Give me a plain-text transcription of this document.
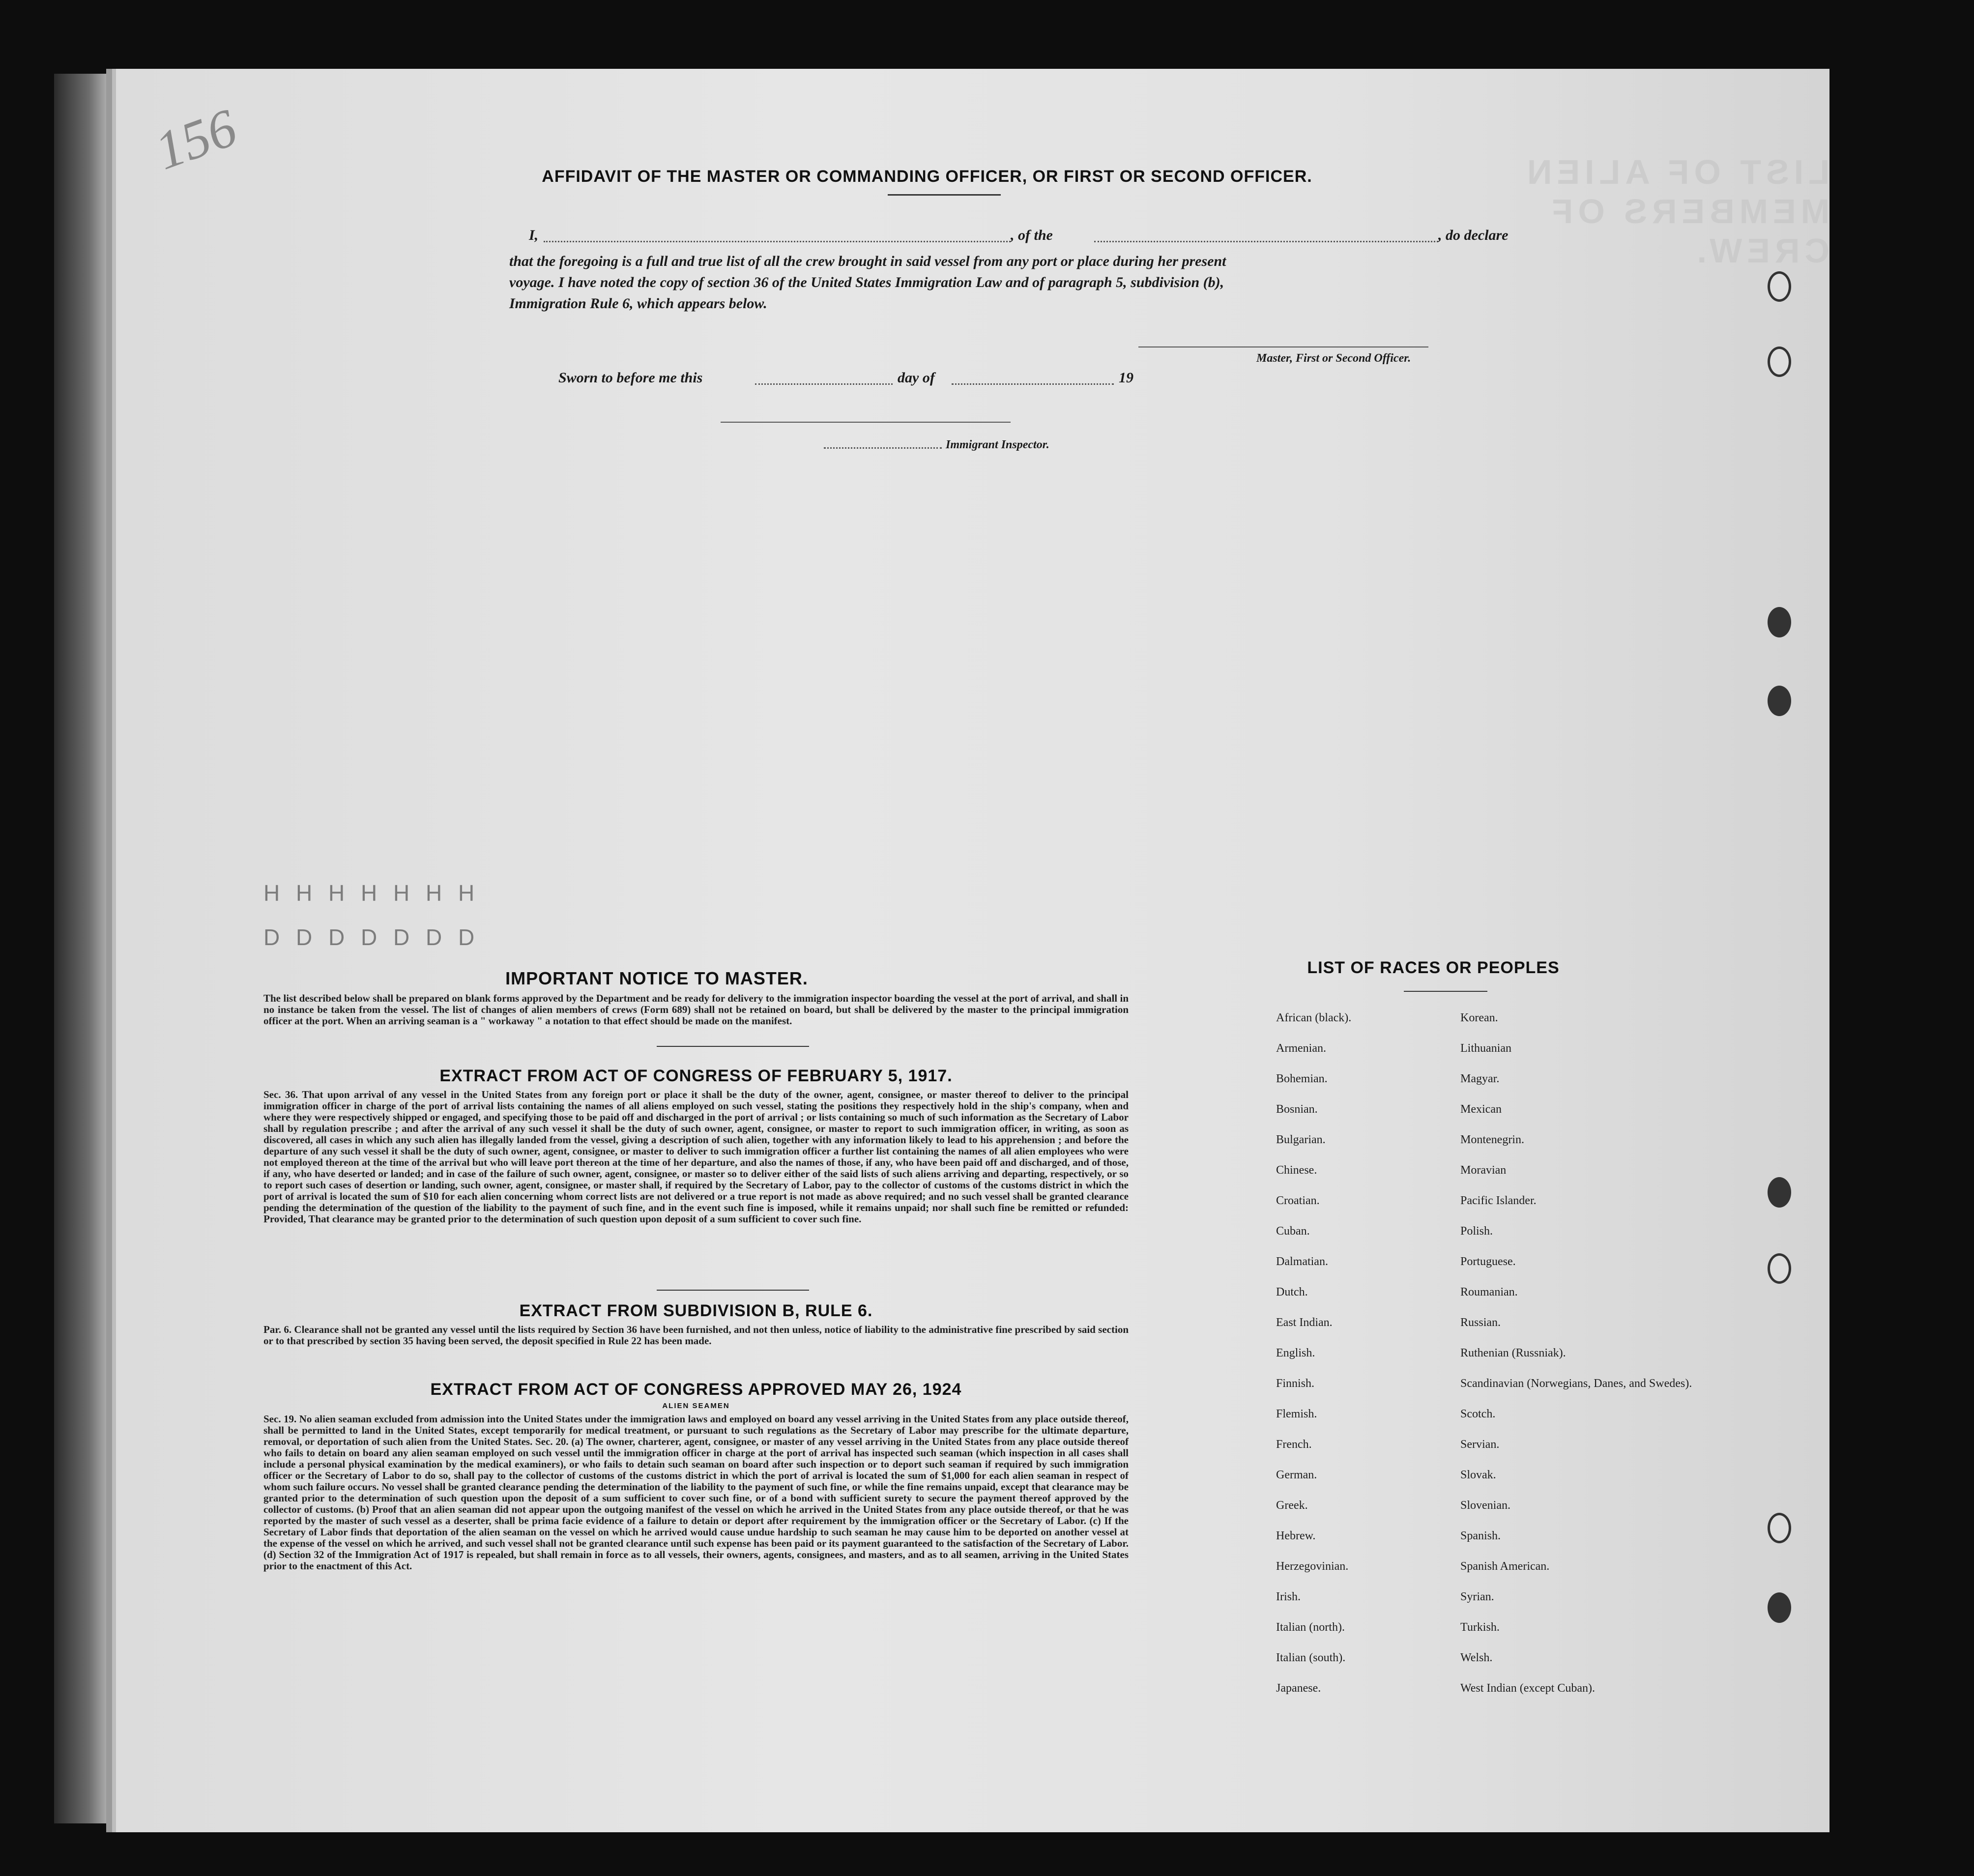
LIST OF ALIEN MEMBERS OF CREW.
156	AFFIDAVIT OF THE MASTER OR COMMANDING OFFICER, OR FIRST OR SECOND OFFICER.
I,	, of the	, do declare
that the foregoing is a full and true list of all the crew brought in said vessel from any port or place during her present
voyage. I have noted the copy of section 36 of the United States Immigration Law and of paragraph 5, subdivision (b),
Immigration Rule 6, which appears below.
Master, First or Second Officer.
Sworn to before me this	day of	19
Immigrant Inspector.
H H H H H H H
D D D D D D D
IMPORTANT NOTICE TO MASTER.
The list described below shall be prepared on blank forms approved by the Department and be ready for delivery to the immigration inspector boarding the vessel at the port of arrival, and shall in no instance be taken from the vessel. The list of changes of alien members of crews (Form 689) shall not be retained on board, but shall be delivered by the master to the principal immigration officer at the port. When an arriving seaman is a " workaway " a notation to that effect should be made on the manifest.
EXTRACT FROM ACT OF CONGRESS OF FEBRUARY 5, 1917.
Sec. 36. That upon arrival of any vessel in the United States from any foreign port or place it shall be the duty of the owner, agent, consignee, or master thereof to deliver to the principal immigration officer in charge of the port of arrival lists containing the names of all aliens employed on such vessel, stating the positions they respectively hold in the ship's company, when and where they were respectively shipped or engaged, and specifying those to be paid off and discharged in the port of arrival ; or lists containing so much of such information as the Secretary of Labor shall by regulation prescribe ; and after the arrival of any such vessel it shall be the duty of such owner, agent, consignee, or master to report to such immigration officer, in writing, as soon as discovered, all cases in which any such alien has illegally landed from the vessel, giving a description of such alien, together with any information likely to lead to his apprehension ; and before the departure of any such vessel it shall be the duty of such owner, agent, consignee, or master to deliver to such immigration officer a further list containing the names of all alien employees who were not employed thereon at the time of the arrival but who will leave port thereon at the time of her departure, and also the names of those, if any, who have been paid off and discharged, and of those, if any, who have deserted or landed; and in case of the failure of such owner, agent, consignee, or master so to deliver either of the said lists of such aliens arriving and departing, respectively, or so to report such cases of desertion or landing, such owner, agent, consignee, or master shall, if required by the Secretary of Labor, pay to the collector of customs of the customs district in which the port of arrival is located the sum of $10 for each alien concerning whom correct lists are not delivered or a true report is not made as above required; and no such vessel shall be granted clearance pending the determination of the question of the liability to the payment of such fine, and in the event such fine is imposed, while it remains unpaid; nor shall such fine be remitted or refunded: Provided, That clearance may be granted prior to the determination of such question upon deposit of a sum sufficient to cover such fine.
EXTRACT FROM SUBDIVISION B, RULE 6.
Par. 6. Clearance shall not be granted any vessel until the lists required by Section 36 have been furnished, and not then unless, notice of liability to the administrative fine prescribed by said section or to that prescribed by section 35 having been served, the deposit specified in Rule 22 has been made.
EXTRACT FROM ACT OF CONGRESS APPROVED MAY 26, 1924
ALIEN SEAMEN
Sec. 19. No alien seaman excluded from admission into the United States under the immigration laws and employed on board any vessel arriving in the United States from any place outside thereof, shall be permitted to land in the United States, except temporarily for medical treatment, or pursuant to such regulations as the Secretary of Labor may prescribe for the ultimate departure, removal, or deportation of such alien from the United States. Sec. 20. (a) The owner, charterer, agent, consignee, or master of any vessel arriving in the United States from any place outside thereof who fails to detain on board any alien seaman employed on such vessel until the immigration officer in charge at the port of arrival has inspected such seaman (which inspection in all cases shall include a personal physical examination by the medical examiners), or who fails to detain such seaman on board after such inspection or to deport such seaman if required by such immigration officer or the Secretary of Labor to do so, shall pay to the collector of customs of the customs district in which the port of arrival is located the sum of $1,000 for each alien seaman in respect of whom such failure occurs. No vessel shall be granted clearance pending the determination of the liability to the payment of such fine, or while the fine remains unpaid, except that clearance may be granted prior to the determination of such question upon the deposit of a sum sufficient to cover such fine, or of a bond with sufficient surety to secure the payment thereof approved by the collector of customs. (b) Proof that an alien seaman did not appear upon the outgoing manifest of the vessel on which he arrived in the United States from any place outside thereof, or that he was reported by the master of such vessel as a deserter, shall be prima facie evidence of a failure to detain or deport after requirement by the immigration officer or the Secretary of Labor. (c) If the Secretary of Labor finds that deportation of the alien seaman on the vessel on which he arrived would cause undue hardship to such seaman he may cause him to be deported on another vessel at the expense of the vessel on which he arrived, and such vessel shall not be granted clearance until such expense has been paid or its payment guaranteed to the satisfaction of the Secretary of Labor. (d) Section 32 of the Immigration Act of 1917 is repealed, but shall remain in force as to all vessels, their owners, agents, consignees, and masters, and as to all seamen, arriving in the United States prior to the enactment of this Act.
LIST OF RACES OR PEOPLES
African (black).
Armenian.
Bohemian.
Bosnian.
Bulgarian.
Chinese.
Croatian.
Cuban.
Dalmatian.
Dutch.
East Indian.
English.
Finnish.
Flemish.
French.
German.
Greek.
Hebrew.
Herzegovinian.
Irish.
Italian (north).
Italian (south).
Japanese.
Korean.
Lithuanian
Magyar.
Mexican
Montenegrin.
Moravian
Pacific Islander.
Polish.
Portuguese.
Roumanian.
Russian.
Ruthenian (Russniak).
Scandinavian (Norwegians, Danes, and Swedes).
Scotch.
Servian.
Slovak.
Slovenian.
Spanish.
Spanish American.
Syrian.
Turkish.
Welsh.
West Indian (except Cuban).
